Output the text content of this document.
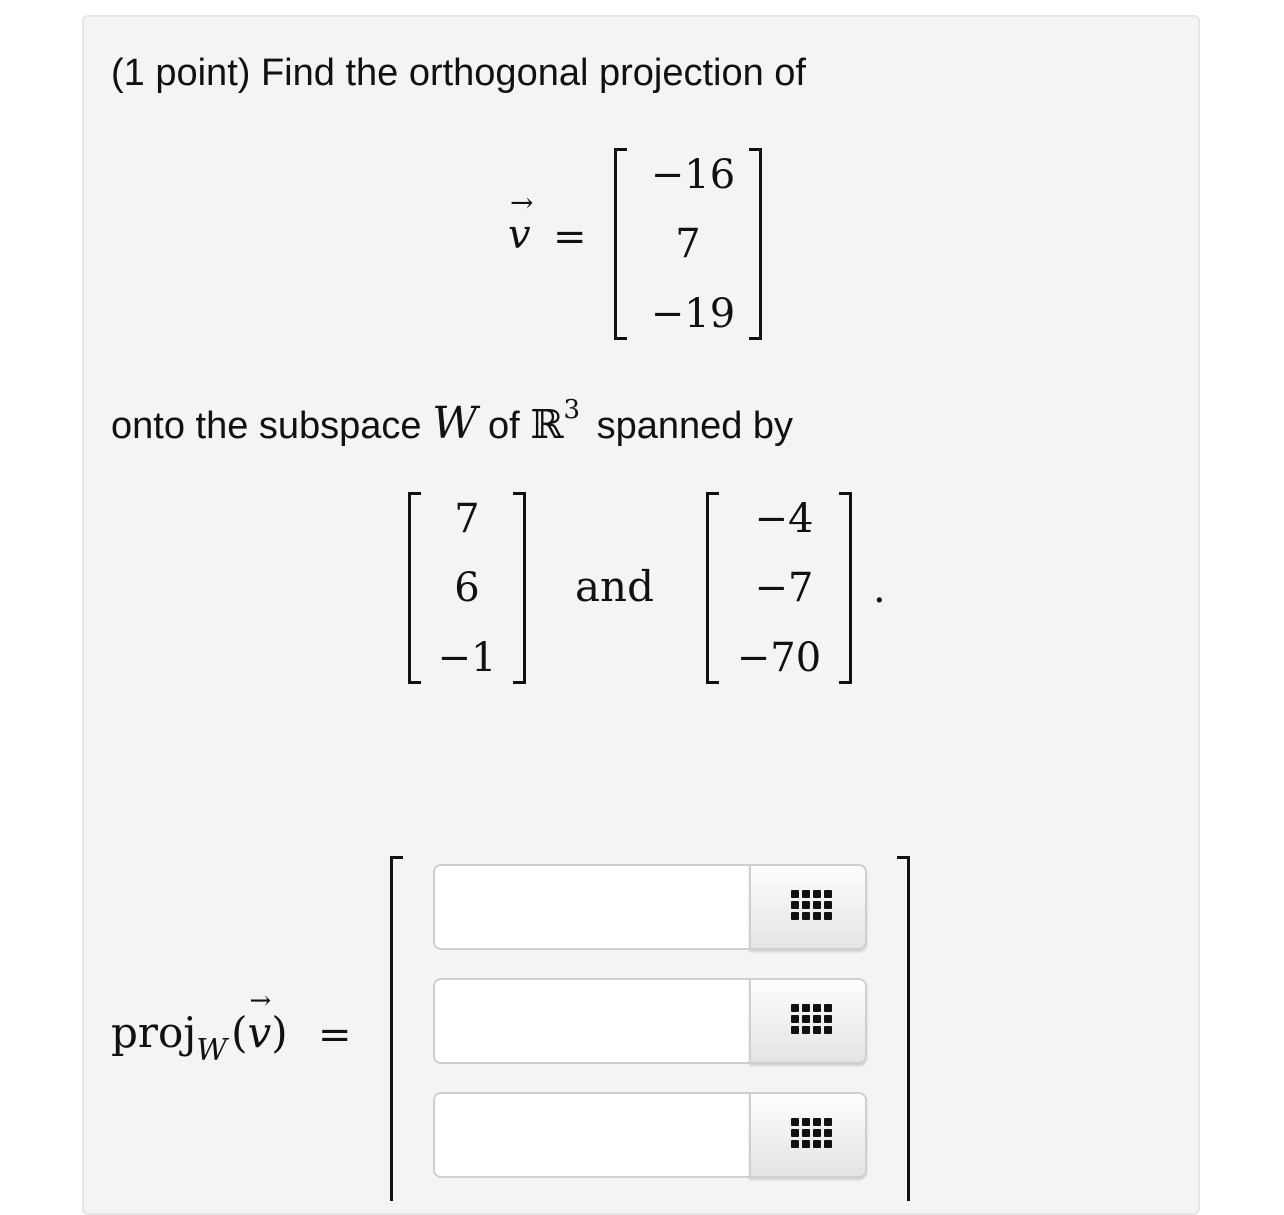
(1 point) Find the orthogonal projection of
→
v =
−16
7
−19
onto the subspace W of ℝ$^3$ spanned by
7
6
−1
and
−4
−7
−70
.
proj$_W$(
→
v) =
